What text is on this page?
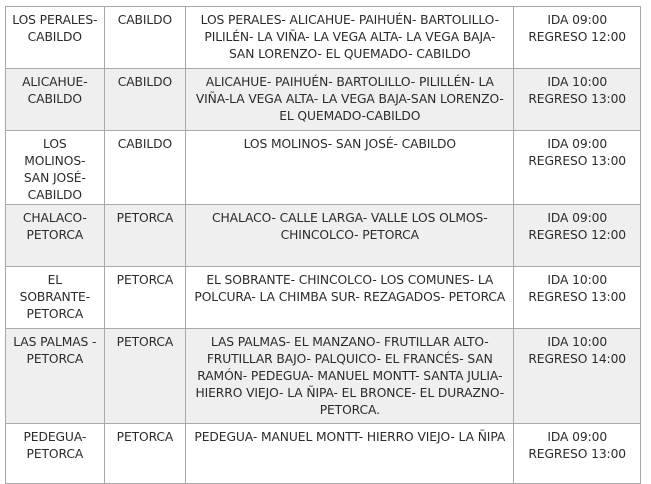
LOS PERALES- CABILDO	CABILDO	LOS PERALES- ALICAHUE- PAIHUÉN- BARTOLILLO- PILILÉN- LA VIÑA- LA VEGA ALTA- LA VEGA BAJA- SAN LORENZO- EL QUEMADO- CABILDO	IDA 09:00
REGRESO 12:00

ALICAHUE- CABILDO	CABILDO	ALICAHUE- PAIHUÉN- BARTOLILLO- PILILLÉN- LA VIÑA-LA VEGA ALTA- LA VEGA BAJA-SAN LORENZO-EL QUEMADO-CABILDO	IDA 10:00
REGRESO 13:00

LOS MOLINOS- SAN JOSÉ- CABILDO	CABILDO	LOS MOLINOS- SAN JOSÉ- CABILDO	IDA 09:00
REGRESO 13:00

CHALACO- PETORCA	PETORCA	CHALACO- CALLE LARGA- VALLE LOS OLMOS- CHINCOLCO- PETORCA	IDA 09:00
REGRESO 12:00

EL SOBRANTE- PETORCA	PETORCA	EL SOBRANTE- CHINCOLCO- LOS COMUNES- LA POLCURA- LA CHIMBA SUR- REZAGADOS- PETORCA	IDA 10:00
REGRESO 13:00

LAS PALMAS - PETORCA	PETORCA	LAS PALMAS- EL MANZANO- FRUTILLAR ALTO- FRUTILLAR BAJO- PALQUICO- EL FRANCÉS- SAN RAMÓN- PEDEGUA- MANUEL MONTT- SANTA JULIA- HIERRO VIEJO- LA ÑIPA- EL BRONCE- EL DURAZNO- PETORCA.	IDA 10:00
REGRESO 14:00

PEDEGUA- PETORCA	PETORCA	PEDEGUA- MANUEL MONTT- HIERRO VIEJO- LA ÑIPA	IDA 09:00
REGRESO 13:00
